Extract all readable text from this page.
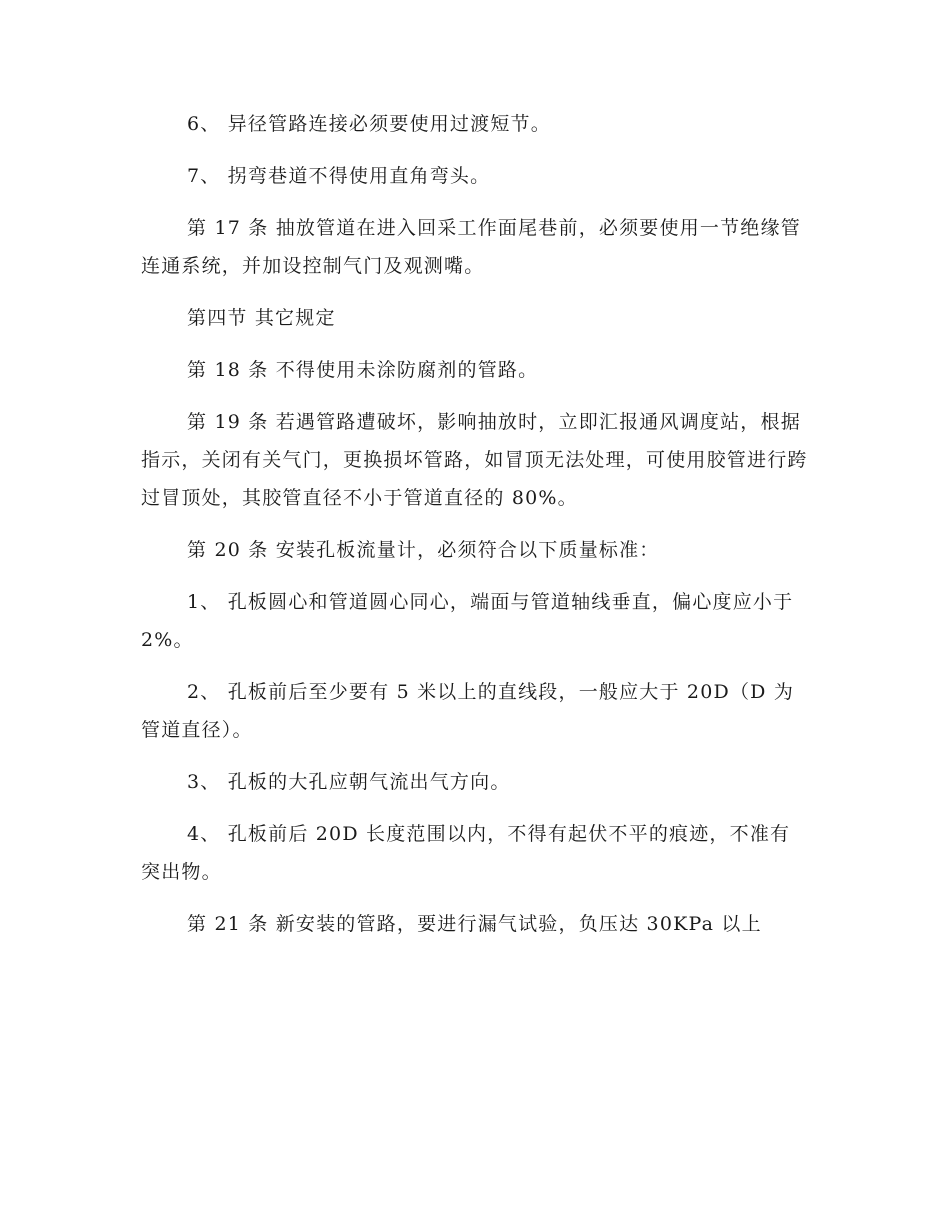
6、 异径管路连接必须要使用过渡短节。

7、 拐弯巷道不得使用直角弯头。

第 17 条 抽放管道在进入回采工作面尾巷前，必须要使用一节绝缘管连通系统，并加设控制气门及观测嘴。

第四节 其它规定

第 18 条 不得使用未涂防腐剂的管路。

第 19 条 若遇管路遭破坏，影响抽放时，立即汇报通风调度站，根据指示，关闭有关气门，更换损坏管路，如冒顶无法处理，可使用胶管进行跨过冒顶处，其胶管直径不小于管道直径的 80%。

第 20 条 安装孔板流量计，必须符合以下质量标准：

1、 孔板圆心和管道圆心同心，端面与管道轴线垂直，偏心度应小于 2%。

2、 孔板前后至少要有 5 米以上的直线段，一般应大于 20D（D 为管道直径）。

3、 孔板的大孔应朝气流出气方向。

4、 孔板前后 20D 长度范围以内，不得有起伏不平的痕迹，不准有突出物。

第 21 条 新安装的管路，要进行漏气试验，负压达 30KPa 以上
